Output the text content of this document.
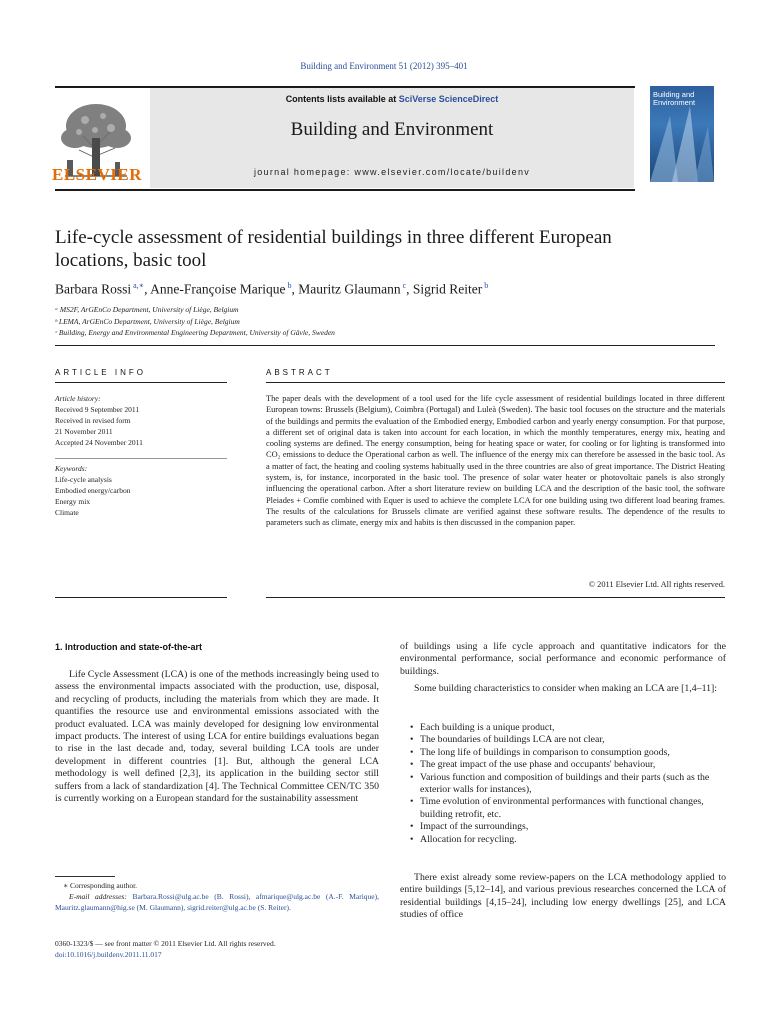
Building and Environment 51 (2012) 395–401
ELSEVIER
Contents lists available at SciVerse ScienceDirect
Building and Environment
journal homepage: www.elsevier.com/locate/buildenv
Building and Environment
Life-cycle assessment of residential buildings in three different European locations, basic tool
Barbara Rossi $^{a,∗}$, Anne-Françoise Marique $^b$, Mauritz Glaumann $^c$, Sigrid Reiter $^b$
ᵃ MS2F, ArGEnCo Department, University of Liège, Belgium
ᵇ LEMA, ArGEnCo Department, University of Liège, Belgium
ᶜ Building, Energy and Environmental Engineering Department, University of Gävle, Sweden
ARTICLE INFO	ABSTRACT
Article history:
Received 9 September 2011
Received in revised form
21 November 2011
Accepted 24 November 2011
Keywords:
Life-cycle analysis
Embodied energy/carbon
Energy mix
Climate
The paper deals with the development of a tool used for the life cycle assessment of residential buildings located in three different European towns: Brussels (Belgium), Coimbra (Portugal) and Luleà (Sweden). The basic tool focuses on the structure and the materials of the buildings and permits the evaluation of the Embodied energy, Embodied carbon and yearly energy consumption. For that purpose, a different set of original data is taken into account for each location, in which the monthly temperatures, energy mix, heating and cooling systems are defined. The energy consumption, being for heating space or water, for cooling or for lighting is transformed into CO₂ emissions to deduce the Operational carbon as well. The influence of the energy mix can therefore be assessed in the basic tool. As a matter of fact, the heating and cooling systems habitually used in the three countries are also of great importance. The District Heating system, is, for instance, incorporated in the basic tool. The presence of solar water heater or photovoltaic panels is also strongly influencing the operational carbon. After a short literature review on building LCA and the description of the basic tool, the software Pleiades + Comfie combined with Equer is used to achieve the complete LCA for one building using two different load bearing frames. The results of the calculations for Brussels climate are verified against these software results. The dependence of the results to parameters such as climate, energy mix and habits is then discussed in the companion paper.
© 2011 Elsevier Ltd. All rights reserved.
1. Introduction and state-of-the-art
Life Cycle Assessment (LCA) is one of the methods increasingly being used to assess the environmental impacts associated with the production, use, disposal, and recycling of products, including the materials from which they are made. It quantifies the resource use and environmental emissions associated with the product evaluated. LCA was mainly developed for designing low environmental impact products. The interest of using LCA for entire buildings evaluations began to rise in the last decade and, today, several building LCA tools are under development in different countries [1]. But, although the general LCA methodology is well defined [2,3], its application in the building sector still suffers from a lack of standardization [4]. The Technical Committee CEN/TC 350 is currently working on a European standard for the sustainability assessment
∗ Corresponding author.
E-mail addresses: Barbara.Rossi@ulg.ac.be (B. Rossi), afmarique@ulg.ac.be (A.-F. Marique), Mauritz.glaumann@hig.se (M. Glaumann), sigrid.reiter@ulg.ac.be (S. Reiter).
0360-1323/$ — see front matter © 2011 Elsevier Ltd. All rights reserved.
doi:10.1016/j.buildenv.2011.11.017
of buildings using a life cycle approach and quantitative indicators for the environmental performance, social performance and economic performance of buildings.
Some building characteristics to consider when making an LCA are [1,4–11]:
• Each building is a unique product,
• The boundaries of buildings LCA are not clear,
• The long life of buildings in comparison to consumption goods,
• The great impact of the use phase and occupants' behaviour,
• Various function and composition of buildings and their parts (such as the exterior walls for instances),
• Time evolution of environmental performances with functional changes, building retrofit, etc.
• Impact of the surroundings,
• Allocation for recycling.
There exist already some review-papers on the LCA methodology applied to entire buildings [5,12–14], and various previous researches concerned the LCA of residential buildings [4,15–24], including low energy dwellings [25], and LCA studies of office
